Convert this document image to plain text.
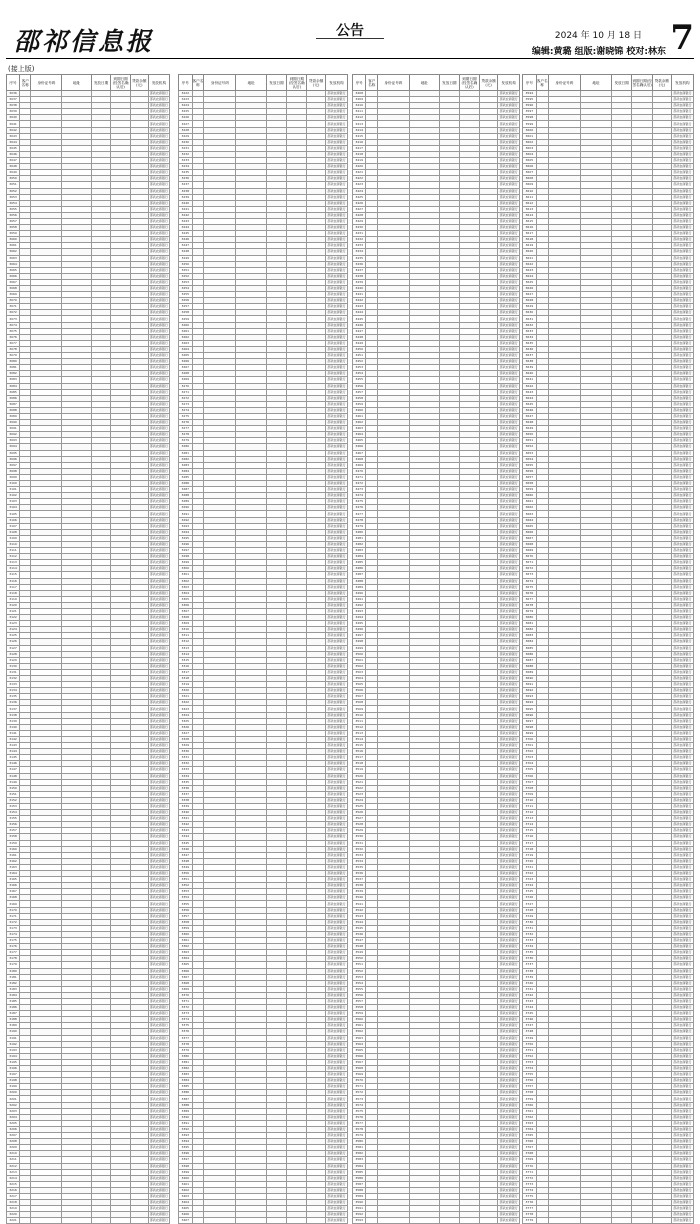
邵祁信息报	公告	2024 年 10 月 18 日
编辑:黄璐 组版:谢晓锦 校对:林东 7
(接上版)
序号	客户名称	身份证号码	地址	发放日期	到期日期(经签名确认后)	贷款余额(元)	发放机构
3036							邵武农商银行
3037							邵武农商银行
3038							邵武农商银行
3039							邵武农商银行
3040							邵武农商银行
3041							邵武农商银行
3042							邵武农商银行
3043							邵武农商银行
3044							邵武农商银行
3045							邵武农商银行
3046							邵武农商银行
3047							邵武农商银行
3048							邵武农商银行
3049							邵武农商银行
3050							邵武农商银行
3051							邵武农商银行
3052							邵武农商银行
3053							邵武农商银行
3054							邵武农商银行
3055							邵武农商银行
3056							邵武农商银行
3057							邵武农商银行
3058							邵武农商银行
3059							邵武农商银行
3060							邵武农商银行
3061							邵武农商银行
3062							邵武农商银行
3063							邵武农商银行
3064							邵武农商银行
3065							邵武农商银行
3066							邵武农商银行
3067							邵武农商银行
3068							邵武农商银行
3069							邵武农商银行
3070							邵武农商银行
3071							邵武农商银行
3072							邵武农商银行
3073							邵武农商银行
3074							邵武农商银行
3075							邵武农商银行
3076							邵武农商银行
3077							邵武农商银行
3078							邵武农商银行
3079							邵武农商银行
3080							邵武农商银行
3081							邵武农商银行
3082							邵武农商银行
3083							邵武农商银行
3084							邵武农商银行
3085							邵武农商银行
3086							邵武农商银行
3087							邵武农商银行
3088							邵武农商银行
3089							邵武农商银行
3090							邵武农商银行
3091							邵武农商银行
3092							邵武农商银行
3093							邵武农商银行
3094							邵武农商银行
3095							邵武农商银行
3096							邵武农商银行
3097							邵武农商银行
3098							邵武农商银行
3099							邵武农商银行
3100							邵武农商银行
3101							邵武农商银行
3102							邵武农商银行
3103							邵武农商银行
3104							邵武农商银行
3105							邵武农商银行
3106							邵武农商银行
3107							邵武农商银行
3108							邵武农商银行
3109							邵武农商银行
3110							邵武农商银行
3111							邵武农商银行
3112							邵武农商银行
3113							邵武农商银行
3114							邵武农商银行
3115							邵武农商银行
3116							邵武农商银行
3117							邵武农商银行
3118							邵武农商银行
3119							邵武农商银行
3120							邵武农商银行
3121							邵武农商银行
3122							邵武农商银行
3123							邵武农商银行
3124							邵武农商银行
3125							邵武农商银行
3126							邵武农商银行
3127							邵武农商银行
3128							邵武农商银行
3129							邵武农商银行
3130							邵武农商银行
3131							邵武农商银行
3132							邵武农商银行
3133							邵武农商银行
3134							邵武农商银行
3135							邵武农商银行
3136							邵武农商银行
3137							邵武农商银行
3138							邵武农商银行
3139							邵武农商银行
3140							邵武农商银行
3141							邵武农商银行
3142							邵武农商银行
3143							邵武农商银行
3144							邵武农商银行
3145							邵武农商银行
3146							邵武农商银行
3147							邵武农商银行
3148							邵武农商银行
3149							邵武农商银行
3150							邵武农商银行
3151							邵武农商银行
3152							邵武农商银行
3153							邵武农商银行
3154							邵武农商银行
3155							邵武农商银行
3156							邵武农商银行
3157							邵武农商银行
3158							邵武农商银行
3159							邵武农商银行
3160							邵武农商银行
3161							邵武农商银行
3162							邵武农商银行
3163							邵武农商银行
3164							邵武农商银行
3165							邵武农商银行
3166							邵武农商银行
3167							邵武农商银行
3168							邵武农商银行
3169							邵武农商银行
3170							邵武农商银行
3171							邵武农商银行
3172							邵武农商银行
3173							邵武农商银行
3174							邵武农商银行
3175							邵武农商银行
3176							邵武农商银行
3177							邵武农商银行
3178							邵武农商银行
3179							邵武农商银行
3180							邵武农商银行
3181							邵武农商银行
3182							邵武农商银行
3183							邵武农商银行
3184							邵武农商银行
3185							邵武农商银行
3186							邵武农商银行
3187							邵武农商银行
3188							邵武农商银行
3189							邵武农商银行
3190							邵武农商银行
3191							邵武农商银行
3192							邵武农商银行
3193							邵武农商银行
3194							邵武农商银行
3195							邵武农商银行
3196							邵武农商银行
3197							邵武农商银行
3198							邵武农商银行
3199							邵武农商银行
3200							邵武农商银行
3201							邵武农商银行
3202							邵武农商银行
3203							邵武农商银行
3204							邵武农商银行
3205							邵武农商银行
3206							邵武农商银行
3207							邵武农商银行
3208							邵武农商银行
3209							邵武农商银行
3210							邵武农商银行
3211							邵武农商银行
3212							邵武农商银行
3213							邵武农商银行
3214							邵武农商银行
3215							邵武农商银行
3216							邵武农商银行
3217							邵武农商银行
3218							邵武农商银行
3219							邵武农商银行
3220							邵武农商银行
3221							邵武农商银行
序号	客户名称	身份证号码	地址	发放日期	到期日期(经签名确认后)	贷款余额(元)	发放机构
3222							邵武农商银行
3223							邵武农商银行
3224							邵武农商银行
3225							邵武农商银行
3226							邵武农商银行
3227							邵武农商银行
3228							邵武农商银行
3229							邵武农商银行
3230							邵武农商银行
3231							邵武农商银行
3232							邵武农商银行
3233							邵武农商银行
3234							邵武农商银行
3235							邵武农商银行
3236							邵武农商银行
3237							邵武农商银行
3238							邵武农商银行
3239							邵武农商银行
3240							邵武农商银行
3241							邵武农商银行
3242							邵武农商银行
3243							邵武农商银行
3244							邵武农商银行
3245							邵武农商银行
3246							邵武农商银行
3247							邵武农商银行
3248							邵武农商银行
3249							邵武农商银行
3250							邵武农商银行
3251							邵武农商银行
3252							邵武农商银行
3253							邵武农商银行
3254							邵武农商银行
3255							邵武农商银行
3256							邵武农商银行
3257							邵武农商银行
3258							邵武农商银行
3259							邵武农商银行
3260							邵武农商银行
3261							邵武农商银行
3262							邵武农商银行
3263							邵武农商银行
3264							邵武农商银行
3265							邵武农商银行
3266							邵武农商银行
3267							邵武农商银行
3268							邵武农商银行
3269							邵武农商银行
3270							邵武农商银行
3271							邵武农商银行
3272							邵武农商银行
3273							邵武农商银行
3274							邵武农商银行
3275							邵武农商银行
3276							邵武农商银行
3277							邵武农商银行
3278							邵武农商银行
3279							邵武农商银行
3280							邵武农商银行
3281							邵武农商银行
3282							邵武农商银行
3283							邵武农商银行
3284							邵武农商银行
3285							邵武农商银行
3286							邵武农商银行
3287							邵武农商银行
3288							邵武农商银行
3289							邵武农商银行
3290							邵武农商银行
3291							邵武农商银行
3292							邵武农商银行
3293							邵武农商银行
3294							邵武农商银行
3295							邵武农商银行
3296							邵武农商银行
3297							邵武农商银行
3298							邵武农商银行
3299							邵武农商银行
3300							邵武农商银行
3301							邵武农商银行
3302							邵武农商银行
3303							邵武农商银行
3304							邵武农商银行
3305							邵武农商银行
3306							邵武农商银行
3307							邵武农商银行
3308							邵武农商银行
3309							邵武农商银行
3310							邵武农商银行
3311							邵武农商银行
3312							邵武农商银行
3313							邵武农商银行
3314							邵武农商银行
3315							邵武农商银行
3316							邵武农商银行
3317							邵武农商银行
3318							邵武农商银行
3319							邵武农商银行
3320							邵武农商银行
3321							邵武农商银行
3322							邵武农商银行
3323							邵武农商银行
3324							邵武农商银行
3325							邵武农商银行
3326							邵武农商银行
3327							邵武农商银行
3328							邵武农商银行
3329							邵武农商银行
3330							邵武农商银行
3331							邵武农商银行
3332							邵武农商银行
3333							邵武农商银行
3334							邵武农商银行
3335							邵武农商银行
3336							邵武农商银行
3337							邵武农商银行
3338							邵武农商银行
3339							邵武农商银行
3340							邵武农商银行
3341							邵武农商银行
3342							邵武农商银行
3343							邵武农商银行
3344							邵武农商银行
3345							邵武农商银行
3346							邵武农商银行
3347							邵武农商银行
3348							邵武农商银行
3349							邵武农商银行
3350							邵武农商银行
3351							邵武农商银行
3352							邵武农商银行
3353							邵武农商银行
3354							邵武农商银行
3355							邵武农商银行
3356							邵武农商银行
3357							邵武农商银行
3358							邵武农商银行
3359							邵武农商银行
3360							邵武农商银行
3361							邵武农商银行
3362							邵武农商银行
3363							邵武农商银行
3364							邵武农商银行
3365							邵武农商银行
3366							邵武农商银行
3367							邵武农商银行
3368							邵武农商银行
3369							邵武农商银行
3370							邵武农商银行
3371							邵武农商银行
3372							邵武农商银行
3373							邵武农商银行
3374							邵武农商银行
3375							邵武农商银行
3376							邵武农商银行
3377							邵武农商银行
3378							邵武农商银行
3379							邵武农商银行
3380							邵武农商银行
3381							邵武农商银行
3382							邵武农商银行
3383							邵武农商银行
3384							邵武农商银行
3385							邵武农商银行
3386							邵武农商银行
3387							邵武农商银行
3388							邵武农商银行
3389							邵武农商银行
3390							邵武农商银行
3391							邵武农商银行
3392							邵武农商银行
3393							邵武农商银行
3394							邵武农商银行
3395							邵武农商银行
3396							邵武农商银行
3397							邵武农商银行
3398							邵武农商银行
3399							邵武农商银行
3400							邵武农商银行
3401							邵武农商银行
3402							邵武农商银行
3403							邵武农商银行
3404							邵武农商银行
3405							邵武农商银行
3406							邵武农商银行
3407							邵武农商银行
序号	客户名称	身份证号码	地址	发放日期	到期日期(经签名确认后)	贷款余额(元)	发放机构
3408							邵武农商银行
3409							邵武农商银行
3410							邵武农商银行
3411							邵武农商银行
3412							邵武农商银行
3413							邵武农商银行
3414							邵武农商银行
3415							邵武农商银行
3416							邵武农商银行
3417							邵武农商银行
3418							邵武农商银行
3419							邵武农商银行
3420							邵武农商银行
3421							邵武农商银行
3422							邵武农商银行
3423							邵武农商银行
3424							邵武农商银行
3425							邵武农商银行
3426							邵武农商银行
3427							邵武农商银行
3428							邵武农商银行
3429							邵武农商银行
3430							邵武农商银行
3431							邵武农商银行
3432							邵武农商银行
3433							邵武农商银行
3434							邵武农商银行
3435							邵武农商银行
3436							邵武农商银行
3437							邵武农商银行
3438							邵武农商银行
3439							邵武农商银行
3440							邵武农商银行
3441							邵武农商银行
3442							邵武农商银行
3443							邵武农商银行
3444							邵武农商银行
3445							邵武农商银行
3446							邵武农商银行
3447							邵武农商银行
3448							邵武农商银行
3449							邵武农商银行
3450							邵武农商银行
3451							邵武农商银行
3452							邵武农商银行
3453							邵武农商银行
3454							邵武农商银行
3455							邵武农商银行
3456							邵武农商银行
3457							邵武农商银行
3458							邵武农商银行
3459							邵武农商银行
3460							邵武农商银行
3461							邵武农商银行
3462							邵武农商银行
3463							邵武农商银行
3464							邵武农商银行
3465							邵武农商银行
3466							邵武农商银行
3467							邵武农商银行
3468							邵武农商银行
3469							邵武农商银行
3470							邵武农商银行
3471							邵武农商银行
3472							邵武农商银行
3473							邵武农商银行
3474							邵武农商银行
3475							邵武农商银行
3476							邵武农商银行
3477							邵武农商银行
3478							邵武农商银行
3479							邵武农商银行
3480							邵武农商银行
3481							邵武农商银行
3482							邵武农商银行
3483							邵武农商银行
3484							邵武农商银行
3485							邵武农商银行
3486							邵武农商银行
3487							邵武农商银行
3488							邵武农商银行
3489							邵武农商银行
3490							邵武农商银行
3491							邵武农商银行
3492							邵武农商银行
3493							邵武农商银行
3494							邵武农商银行
3495							邵武农商银行
3496							邵武农商银行
3497							邵武农商银行
3498							邵武农商银行
3499							邵武农商银行
3500							邵武农商银行
3501							邵武农商银行
3502							邵武农商银行
3503							邵武农商银行
3504							邵武农商银行
3505							邵武农商银行
3506							邵武农商银行
3507							邵武农商银行
3508							邵武农商银行
3509							邵武农商银行
3510							邵武农商银行
3511							邵武农商银行
3512							邵武农商银行
3513							邵武农商银行
3514							邵武农商银行
3515							邵武农商银行
3516							邵武农商银行
3517							邵武农商银行
3518							邵武农商银行
3519							邵武农商银行
3520							邵武农商银行
3521							邵武农商银行
3522							邵武农商银行
3523							邵武农商银行
3524							邵武农商银行
3525							邵武农商银行
3526							邵武农商银行
3527							邵武农商银行
3528							邵武农商银行
3529							邵武农商银行
3530							邵武农商银行
3531							邵武农商银行
3532							邵武农商银行
3533							邵武农商银行
3534							邵武农商银行
3535							邵武农商银行
3536							邵武农商银行
3537							邵武农商银行
3538							邵武农商银行
3539							邵武农商银行
3540							邵武农商银行
3541							邵武农商银行
3542							邵武农商银行
3543							邵武农商银行
3544							邵武农商银行
3545							邵武农商银行
3546							邵武农商银行
3547							邵武农商银行
3548							邵武农商银行
3549							邵武农商银行
3550							邵武农商银行
3551							邵武农商银行
3552							邵武农商银行
3553							邵武农商银行
3554							邵武农商银行
3555							邵武农商银行
3556							邵武农商银行
3557							邵武农商银行
3558							邵武农商银行
3559							邵武农商银行
3560							邵武农商银行
3561							邵武农商银行
3562							邵武农商银行
3563							邵武农商银行
3564							邵武农商银行
3565							邵武农商银行
3566							邵武农商银行
3567							邵武农商银行
3568							邵武农商银行
3569							邵武农商银行
3570							邵武农商银行
3571							邵武农商银行
3572							邵武农商银行
3573							邵武农商银行
3574							邵武农商银行
3575							邵武农商银行
3576							邵武农商银行
3577							邵武农商银行
3578							邵武农商银行
3579							邵武农商银行
3580							邵武农商银行
3581							邵武农商银行
3582							邵武农商银行
3583							邵武农商银行
3584							邵武农商银行
3585							邵武农商银行
3586							邵武农商银行
3587							邵武农商银行
3588							邵武农商银行
3589							邵武农商银行
3590							邵武农商银行
3591							邵武农商银行
3592							邵武农商银行
3593							邵武农商银行
序号	客户名称	身份证号码	地址	发放日期	到期日期(经签名确认后)	贷款余额(元)	发放机构
3594							邵武农商银行
3595							邵武农商银行
3596							邵武农商银行
3597							邵武农商银行
3598							邵武农商银行
3599							邵武农商银行
3600							邵武农商银行
3601							邵武农商银行
3602							邵武农商银行
3603							邵武农商银行
3604							邵武农商银行
3605							邵武农商银行
3606							邵武农商银行
3607							邵武农商银行
3608							邵武农商银行
3609							邵武农商银行
3610							邵武农商银行
3611							邵武农商银行
3612							邵武农商银行
3613							邵武农商银行
3614							邵武农商银行
3615							邵武农商银行
3616							邵武农商银行
3617							邵武农商银行
3618							邵武农商银行
3619							邵武农商银行
3620							邵武农商银行
3621							邵武农商银行
3622							邵武农商银行
3623							邵武农商银行
3624							邵武农商银行
3625							邵武农商银行
3626							邵武农商银行
3627							邵武农商银行
3628							邵武农商银行
3629							邵武农商银行
3630							邵武农商银行
3631							邵武农商银行
3632							邵武农商银行
3633							邵武农商银行
3634							邵武农商银行
3635							邵武农商银行
3636							邵武农商银行
3637							邵武农商银行
3638							邵武农商银行
3639							邵武农商银行
3640							邵武农商银行
3641							邵武农商银行
3642							邵武农商银行
3643							邵武农商银行
3644							邵武农商银行
3645							邵武农商银行
3646							邵武农商银行
3647							邵武农商银行
3648							邵武农商银行
3649							邵武农商银行
3650							邵武农商银行
3651							邵武农商银行
3652							邵武农商银行
3653							邵武农商银行
3654							邵武农商银行
3655							邵武农商银行
3656							邵武农商银行
3657							邵武农商银行
3658							邵武农商银行
3659							邵武农商银行
3660							邵武农商银行
3661							邵武农商银行
3662							邵武农商银行
3663							邵武农商银行
3664							邵武农商银行
3665							邵武农商银行
3666							邵武农商银行
3667							邵武农商银行
3668							邵武农商银行
3669							邵武农商银行
3670							邵武农商银行
3671							邵武农商银行
3672							邵武农商银行
3673							邵武农商银行
3674							邵武农商银行
3675							邵武农商银行
3676							邵武农商银行
3677							邵武农商银行
3678							邵武农商银行
3679							邵武农商银行
3680							邵武农商银行
3681							邵武农商银行
3682							邵武农商银行
3683							邵武农商银行
3684							邵武农商银行
3685							邵武农商银行
3686							邵武农商银行
3687							邵武农商银行
3688							邵武农商银行
3689							邵武农商银行
3690							邵武农商银行
3691							邵武农商银行
3692							邵武农商银行
3693							邵武农商银行
3694							邵武农商银行
3695							邵武农商银行
3696							邵武农商银行
3697							邵武农商银行
3698							邵武农商银行
3699							邵武农商银行
3700							邵武农商银行
3701							邵武农商银行
3702							邵武农商银行
3703							邵武农商银行
3704							邵武农商银行
3705							邵武农商银行
3706							邵武农商银行
3707							邵武农商银行
3708							邵武农商银行
3709							邵武农商银行
3710							邵武农商银行
3711							邵武农商银行
3712							邵武农商银行
3713							邵武农商银行
3714							邵武农商银行
3715							邵武农商银行
3716							邵武农商银行
3717							邵武农商银行
3718							邵武农商银行
3719							邵武农商银行
3720							邵武农商银行
3721							邵武农商银行
3722							邵武农商银行
3723							邵武农商银行
3724							邵武农商银行
3725							邵武农商银行
3726							邵武农商银行
3727							邵武农商银行
3728							邵武农商银行
3729							邵武农商银行
3730							邵武农商银行
3731							邵武农商银行
3732							邵武农商银行
3733							邵武农商银行
3734							邵武农商银行
3735							邵武农商银行
3736							邵武农商银行
3737							邵武农商银行
3738							邵武农商银行
3739							邵武农商银行
3740							邵武农商银行
3741							邵武农商银行
3742							邵武农商银行
3743							邵武农商银行
3744							邵武农商银行
3745							邵武农商银行
3746							邵武农商银行
3747							邵武农商银行
3748							邵武农商银行
3749							邵武农商银行
3750							邵武农商银行
3751							邵武农商银行
3752							邵武农商银行
3753							邵武农商银行
3754							邵武农商银行
3755							邵武农商银行
3756							邵武农商银行
3757							邵武农商银行
3758							邵武农商银行
3759							邵武农商银行
3760							邵武农商银行
3761							邵武农商银行
3762							邵武农商银行
3763							邵武农商银行
3764							邵武农商银行
3765							邵武农商银行
3766							邵武农商银行
3767							邵武农商银行
3768							邵武农商银行
3769							邵武农商银行
3770							邵武农商银行
3771							邵武农商银行
3772							邵武农商银行
3773							邵武农商银行
3774							邵武农商银行
3775							邵武农商银行
3776							邵武农商银行
3777							邵武农商银行
3778							邵武农商银行
3779							邵武农商银行
